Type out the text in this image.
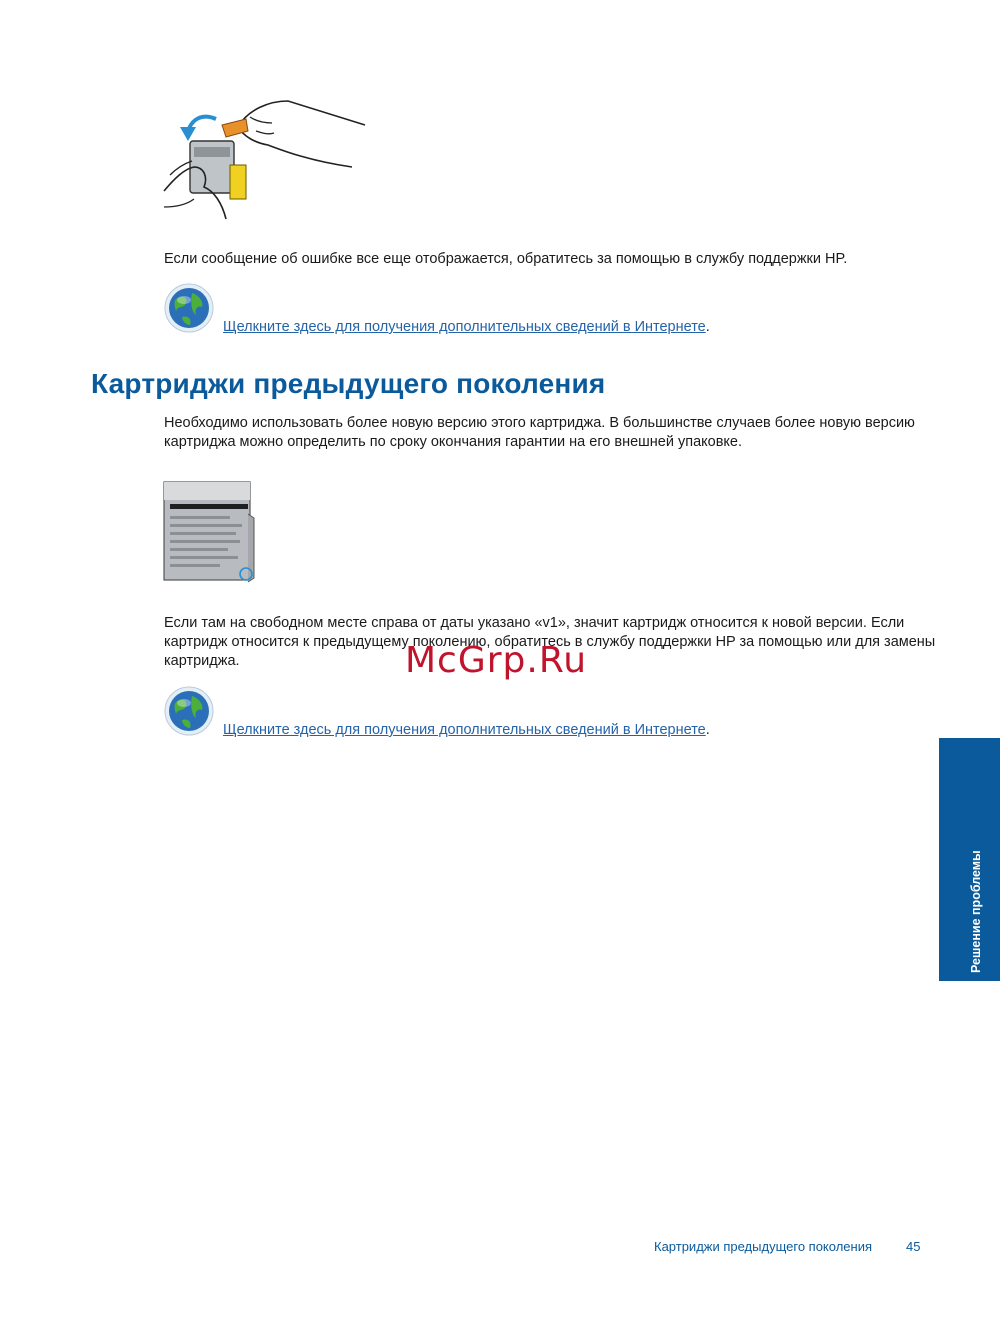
Если сообщение об ошибке все еще отображается, обратитесь за помощью в службу поддержки HP.

Щелкните здесь для получения дополнительных сведений в Интернете.
Картриджи предыдущего поколения

Необходимо использовать более новую версию этого картриджа. В большинстве случаев более новую версию картриджа можно определить по сроку окончания гарантии на его внешней упаковке.

Если там на свободном месте справа от даты указано «v1», значит картридж относится к новой версии. Если картридж относится к предыдущему поколению, обратитесь в службу поддержки HP за помощью или для замены картриджа.	McGrp.Ru
Щелкните здесь для получения дополнительных сведений в Интернете.
Решение проблемы
Картриджи предыдущего поколения	45
